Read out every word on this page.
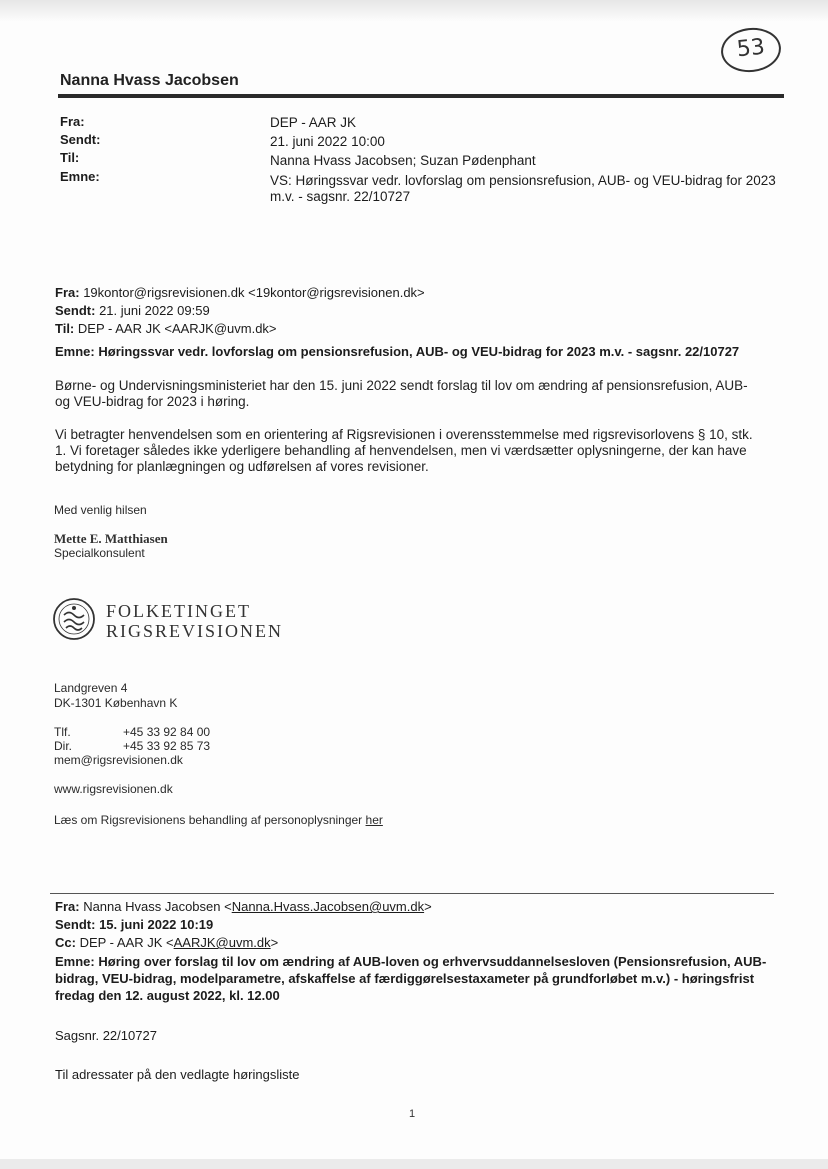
53
Nanna Hvass Jacobsen
Fra:
Sendt:
Til:
Emne:
DEP - AAR JK
21. juni 2022 10:00
Nanna Hvass Jacobsen; Suzan Pødenphant
VS: Høringssvar vedr. lovforslag om pensionsrefusion, AUB- og VEU-bidrag for 2023
m.v. - sagsnr. 22/10727
Fra: 19kontor@rigsrevisionen.dk <19kontor@rigsrevisionen.dk>
Sendt: 21. juni 2022 09:59
Til: DEP - AAR JK <AARJK@uvm.dk>
Emne: Høringssvar vedr. lovforslag om pensionsrefusion, AUB- og VEU-bidrag for 2023 m.v. - sagsnr. 22/10727
Børne- og Undervisningsministeriet har den 15. juni 2022 sendt forslag til lov om ændring af pensionsrefusion, AUB-
og VEU-bidrag for 2023 i høring.
Vi betragter henvendelsen som en orientering af Rigsrevisionen i overensstemmelse med rigsrevisorlovens § 10, stk.
1. Vi foretager således ikke yderligere behandling af henvendelsen, men vi værdsætter oplysningerne, der kan have
betydning for planlægningen og udførelsen af vores revisioner.
Med venlig hilsen
Mette E. Matthiasen
Specialkonsulent
FOLKETINGET
RIGSREVISIONEN
Landgreven 4
DK-1301 København K
Tlf.	+45 33 92 84 00
Dir.	+45 33 92 85 73
mem@rigsrevisionen.dk
www.rigsrevisionen.dk
Læs om Rigsrevisionens behandling af personoplysninger her
Fra: Nanna Hvass Jacobsen <Nanna.Hvass.Jacobsen@uvm.dk>
Sendt: 15. juni 2022 10:19
Cc: DEP - AAR JK <AARJK@uvm.dk>
Emne: Høring over forslag til lov om ændring af AUB-loven og erhvervsuddannelsesloven (Pensionsrefusion, AUB-
bidrag, VEU-bidrag, modelparametre, afskaffelse af færdiggørelsestaxameter på grundforløbet m.v.) - høringsfrist
fredag den 12. august 2022, kl. 12.00
Sagsnr. 22/10727
Til adressater på den vedlagte høringsliste
1
